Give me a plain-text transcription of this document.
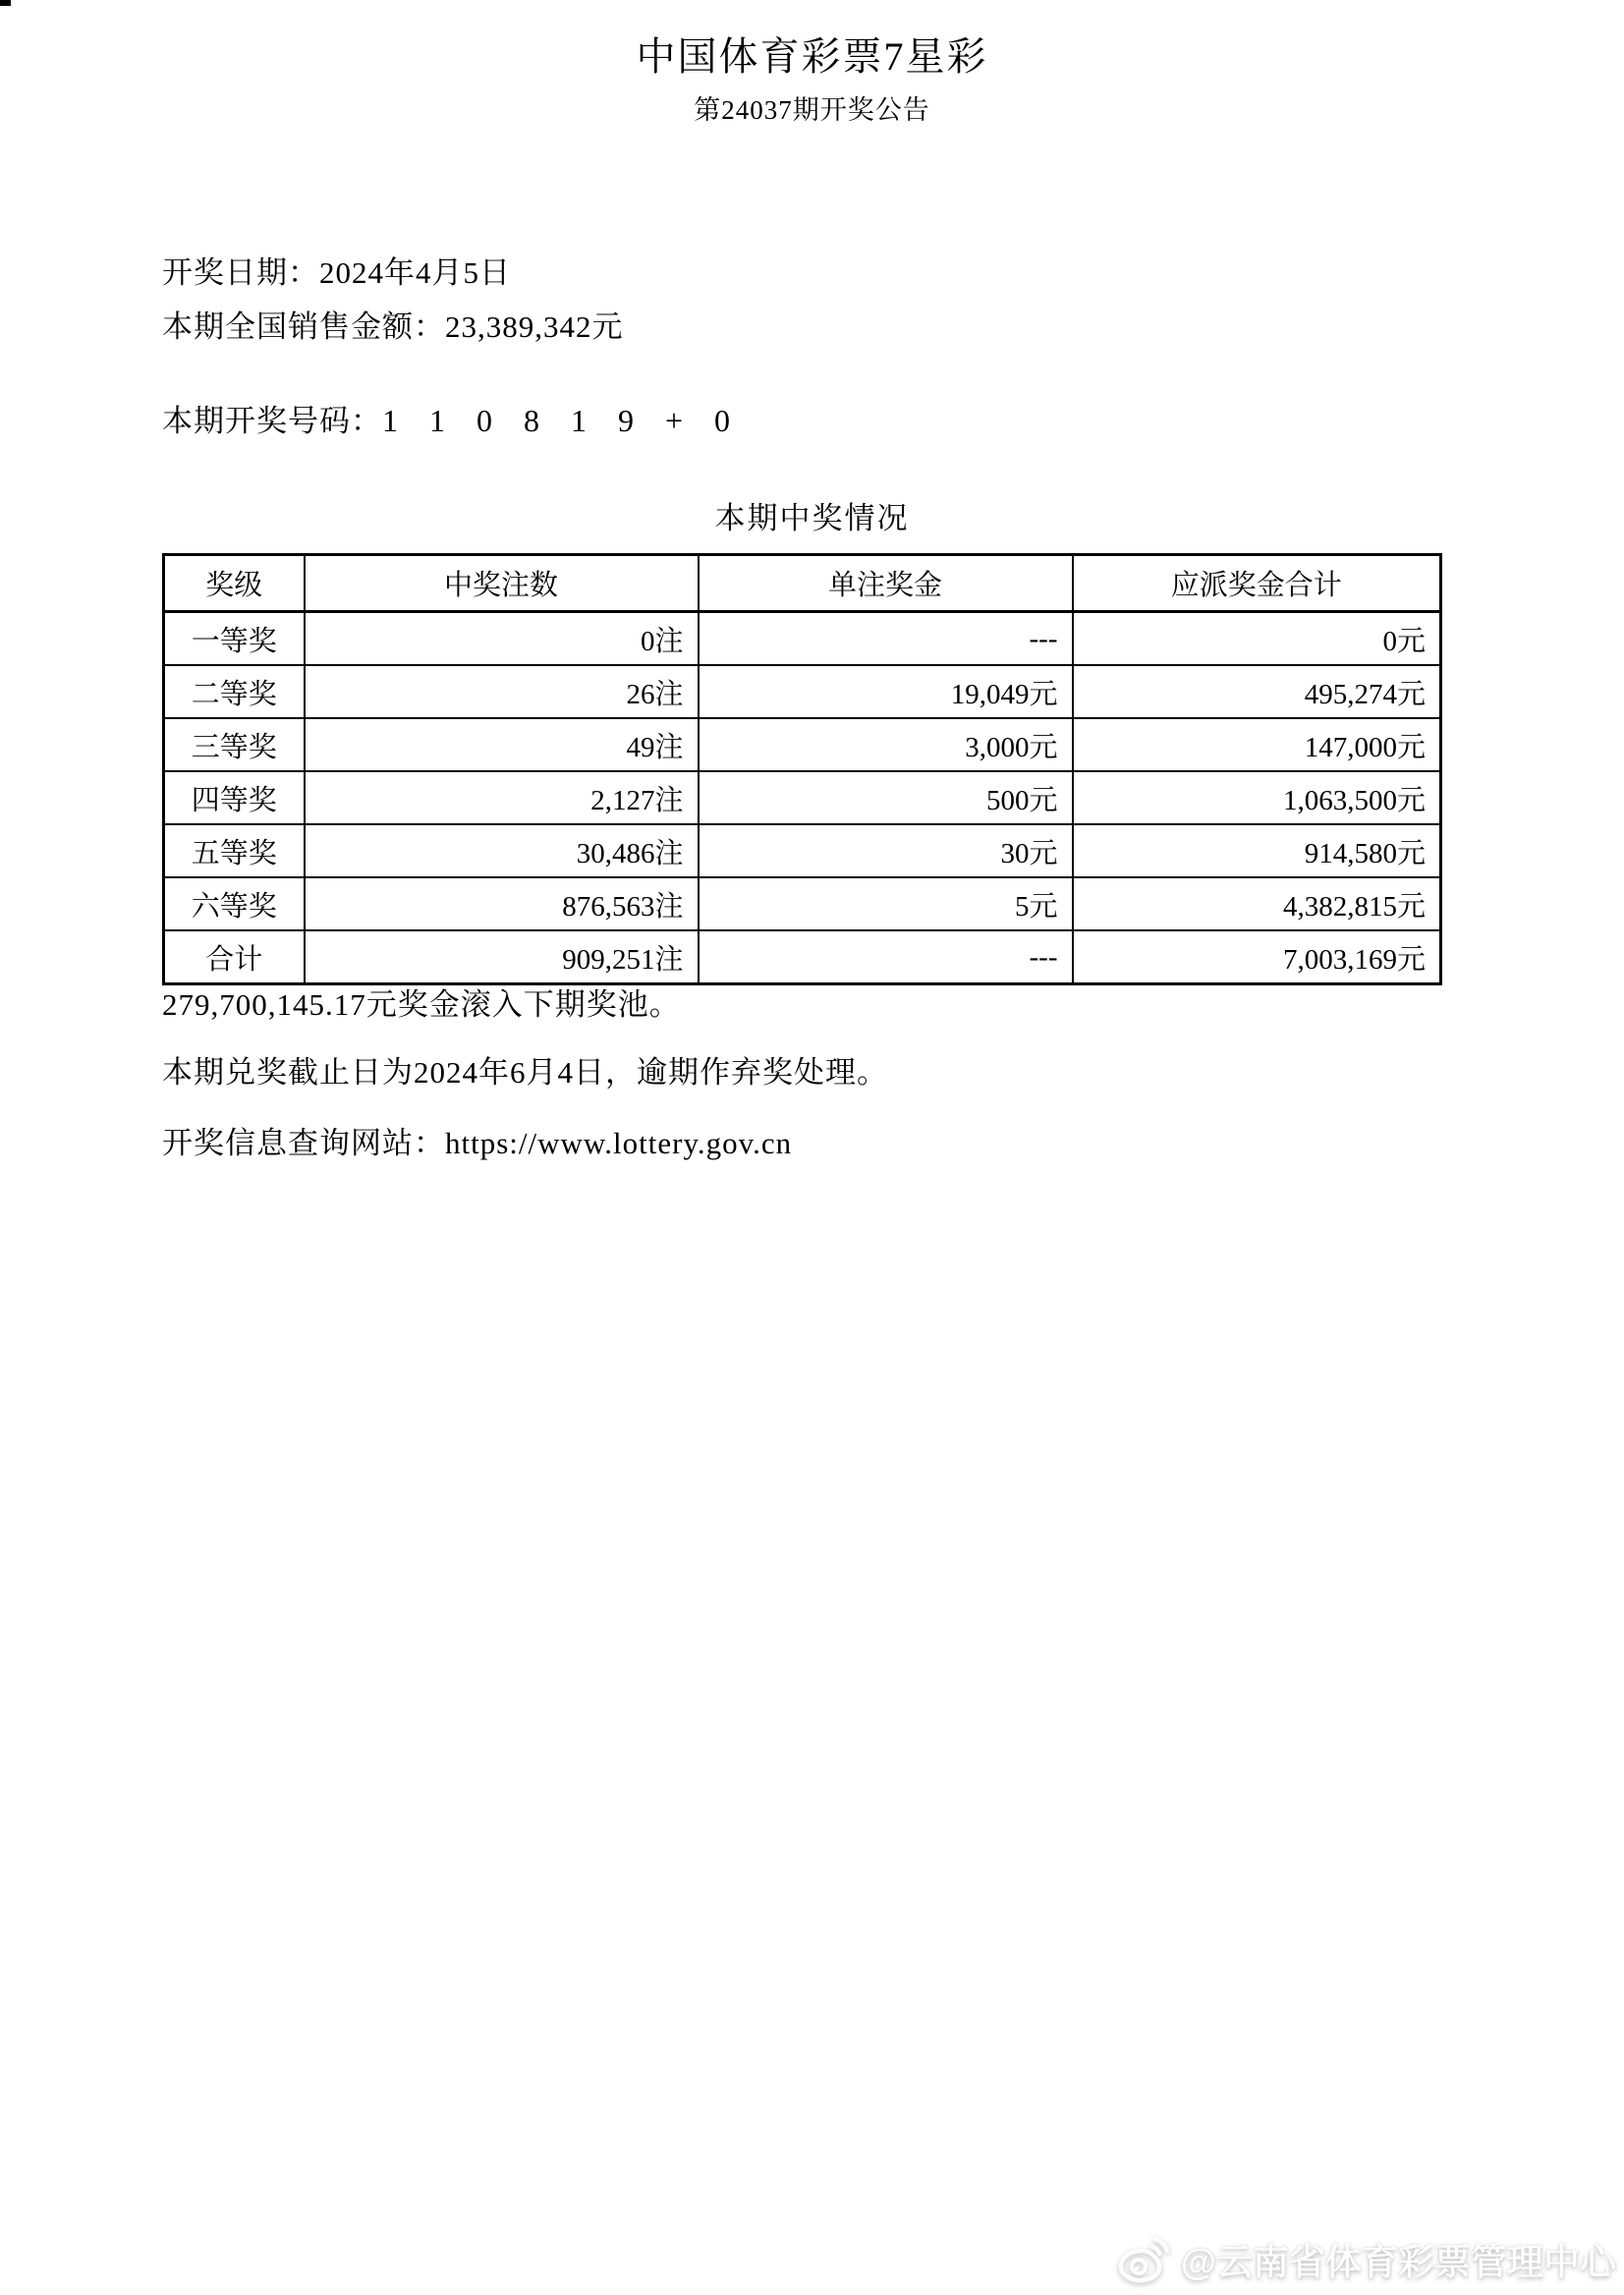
中国体育彩票7星彩
第24037期开奖公告
开奖日期：2024年4月5日
本期全国销售金额：23,389,342元
本期开奖号码：1 1 0 8 1 9 + 0
本期中奖情况
奖级	中奖注数	单注奖金	应派奖金合计
一等奖	0注	---	0元
二等奖	26注	19,049元	495,274元
三等奖	49注	3,000元	147,000元
四等奖	2,127注	500元	1,063,500元
五等奖	30,486注	30元	914,580元
六等奖	876,563注	5元	4,382,815元
合计	909,251注	---	7,003,169元
279,700,145.17元奖金滚入下期奖池。
本期兑奖截止日为2024年6月4日，逾期作弃奖处理。
开奖信息查询网站：https://www.lottery.gov.cn
@云南省体育彩票管理中心
